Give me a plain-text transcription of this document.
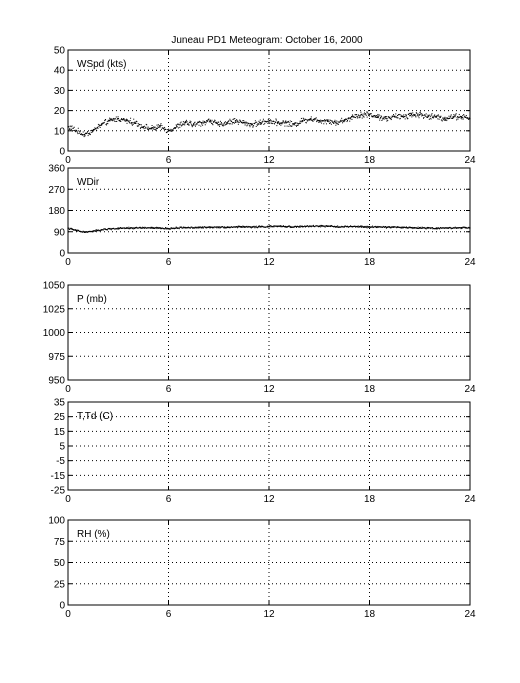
Juneau PD1 Meteogram: October 16, 2000
0	6	12	18	24
0
10
20
30
40
50
WSpd (kts)
0	6	12	18	24
0
90
180
270
360
WDir
0	6	12	18	24
950
975
1000
1025
1050
P (mb)
0	6	12	18	24
-25
-15
-5
5
15
25
35
T,Td (C)
0	6	12	18	24
0
25
50
75
100
RH (%)
